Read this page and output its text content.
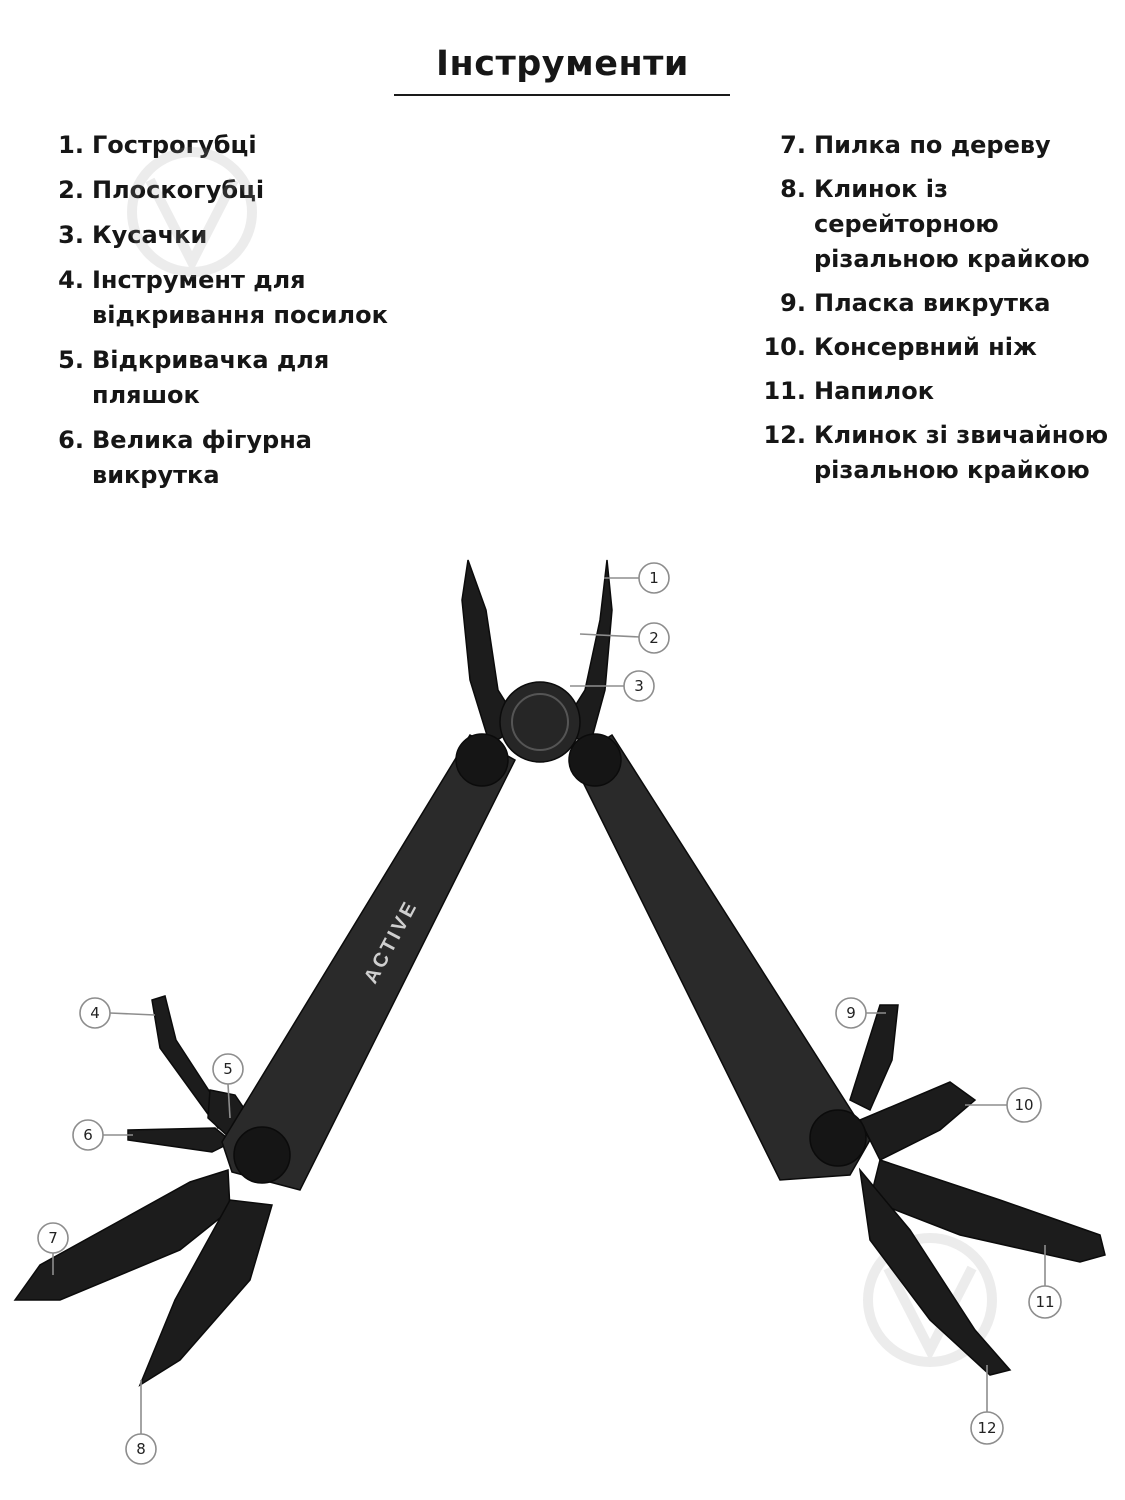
Інструменти
1. Гострогубці
2. Плоскогубці
3. Кусачки
4. Інструмент для відкривання посилок
5. Відкривачка для пляшок
6. Велика фігурна викрутка
7. Пилка по дереву
8. Клинок із серейторною різальною крайкою
9. Пласка викрутка
10. Консервний ніж
11. Напилок
12. Клинок зі звичайною різальною крайкою
ACTIVE
1
2
3
4
5
6
7
8
9
10
11
12
